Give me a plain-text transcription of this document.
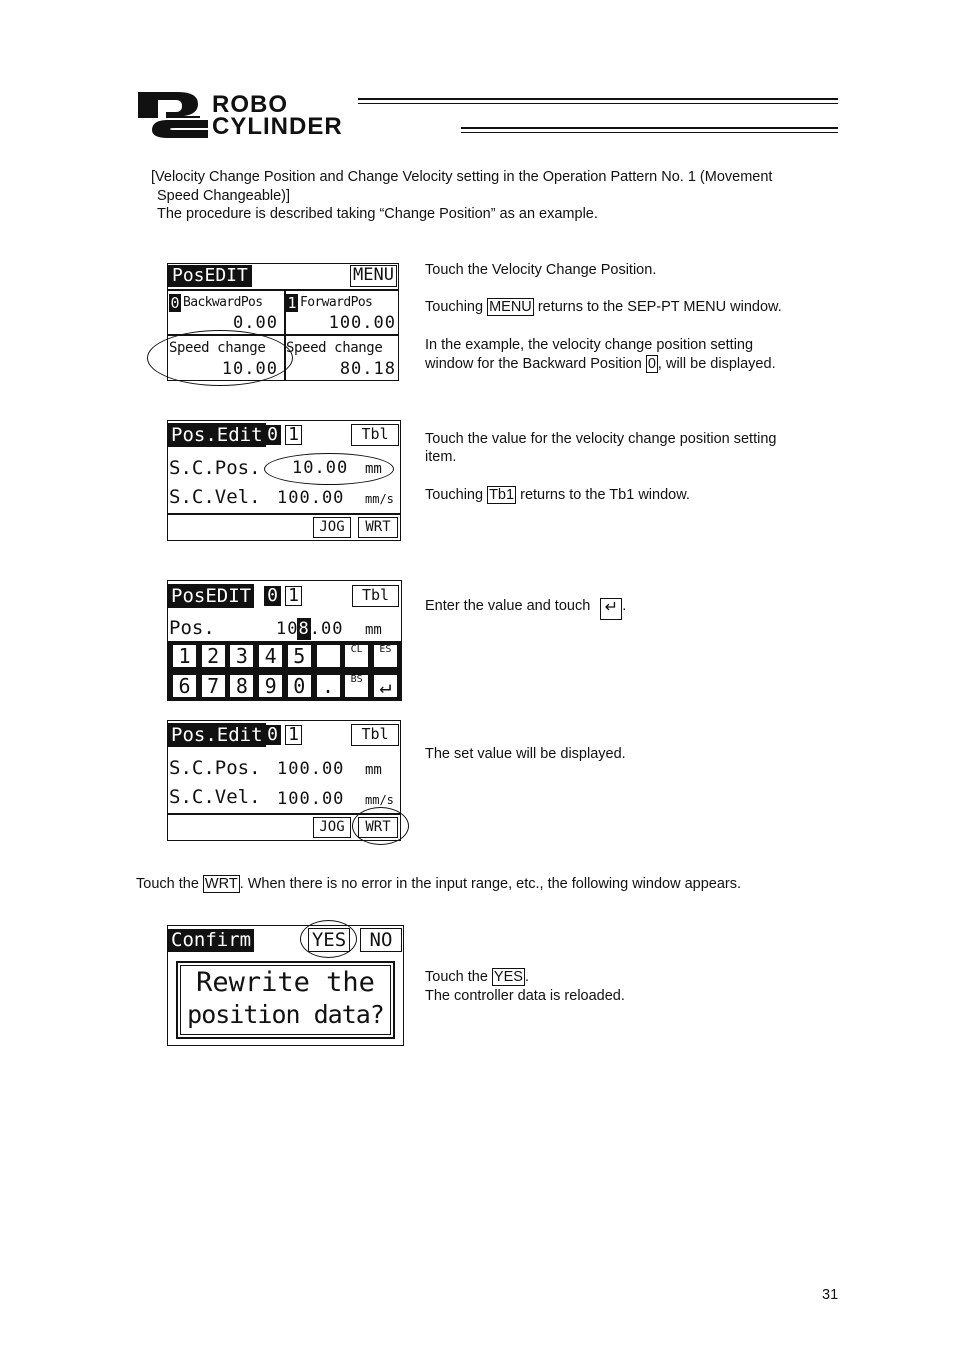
ROBO
CYLINDER
[Velocity Change Position and Change Velocity setting in the Operation Pattern No. 1 (Movement
Speed Changeable)]
The procedure is described taking “Change Position” as an example.
PosEDIT	MENU
0 BackwardPos 1 ForwardPos
0.00	100.00
Speed change Speed change
10.00	80.18
Touch the Velocity Change Position.
Touching MENU returns to the SEP-PT MENU window.
In the example, the velocity change position setting
window for the Backward Position 0 , will be displayed.
Pos.Edit 0 1	Tbl
S.C.Pos. 10.00 mm
S.C.Vel. 100.00 mm/s
JOG	WRT
Touch the value for the velocity change position setting
item.
Touching Tb1 returns to the Tb1 window.
PosEDIT 0 1	Tbl
Pos.	108.00 mm
1 2 3 4 5	CL	ES
6 7 8 9 0 .	BS ↵
Enter the value and touch ↵ .
Pos.Edit 0 1	Tbl
S.C.Pos. 100.00 mm
S.C.Vel. 100.00 mm/s
JOG	WRT
The set value will be displayed.
Touch the WRT . When there is no error in the input range, etc., the following window appears.
Confirm	YES	NO
Rewrite the
position data?
Touch the YES .
The controller data is reloaded.
31
